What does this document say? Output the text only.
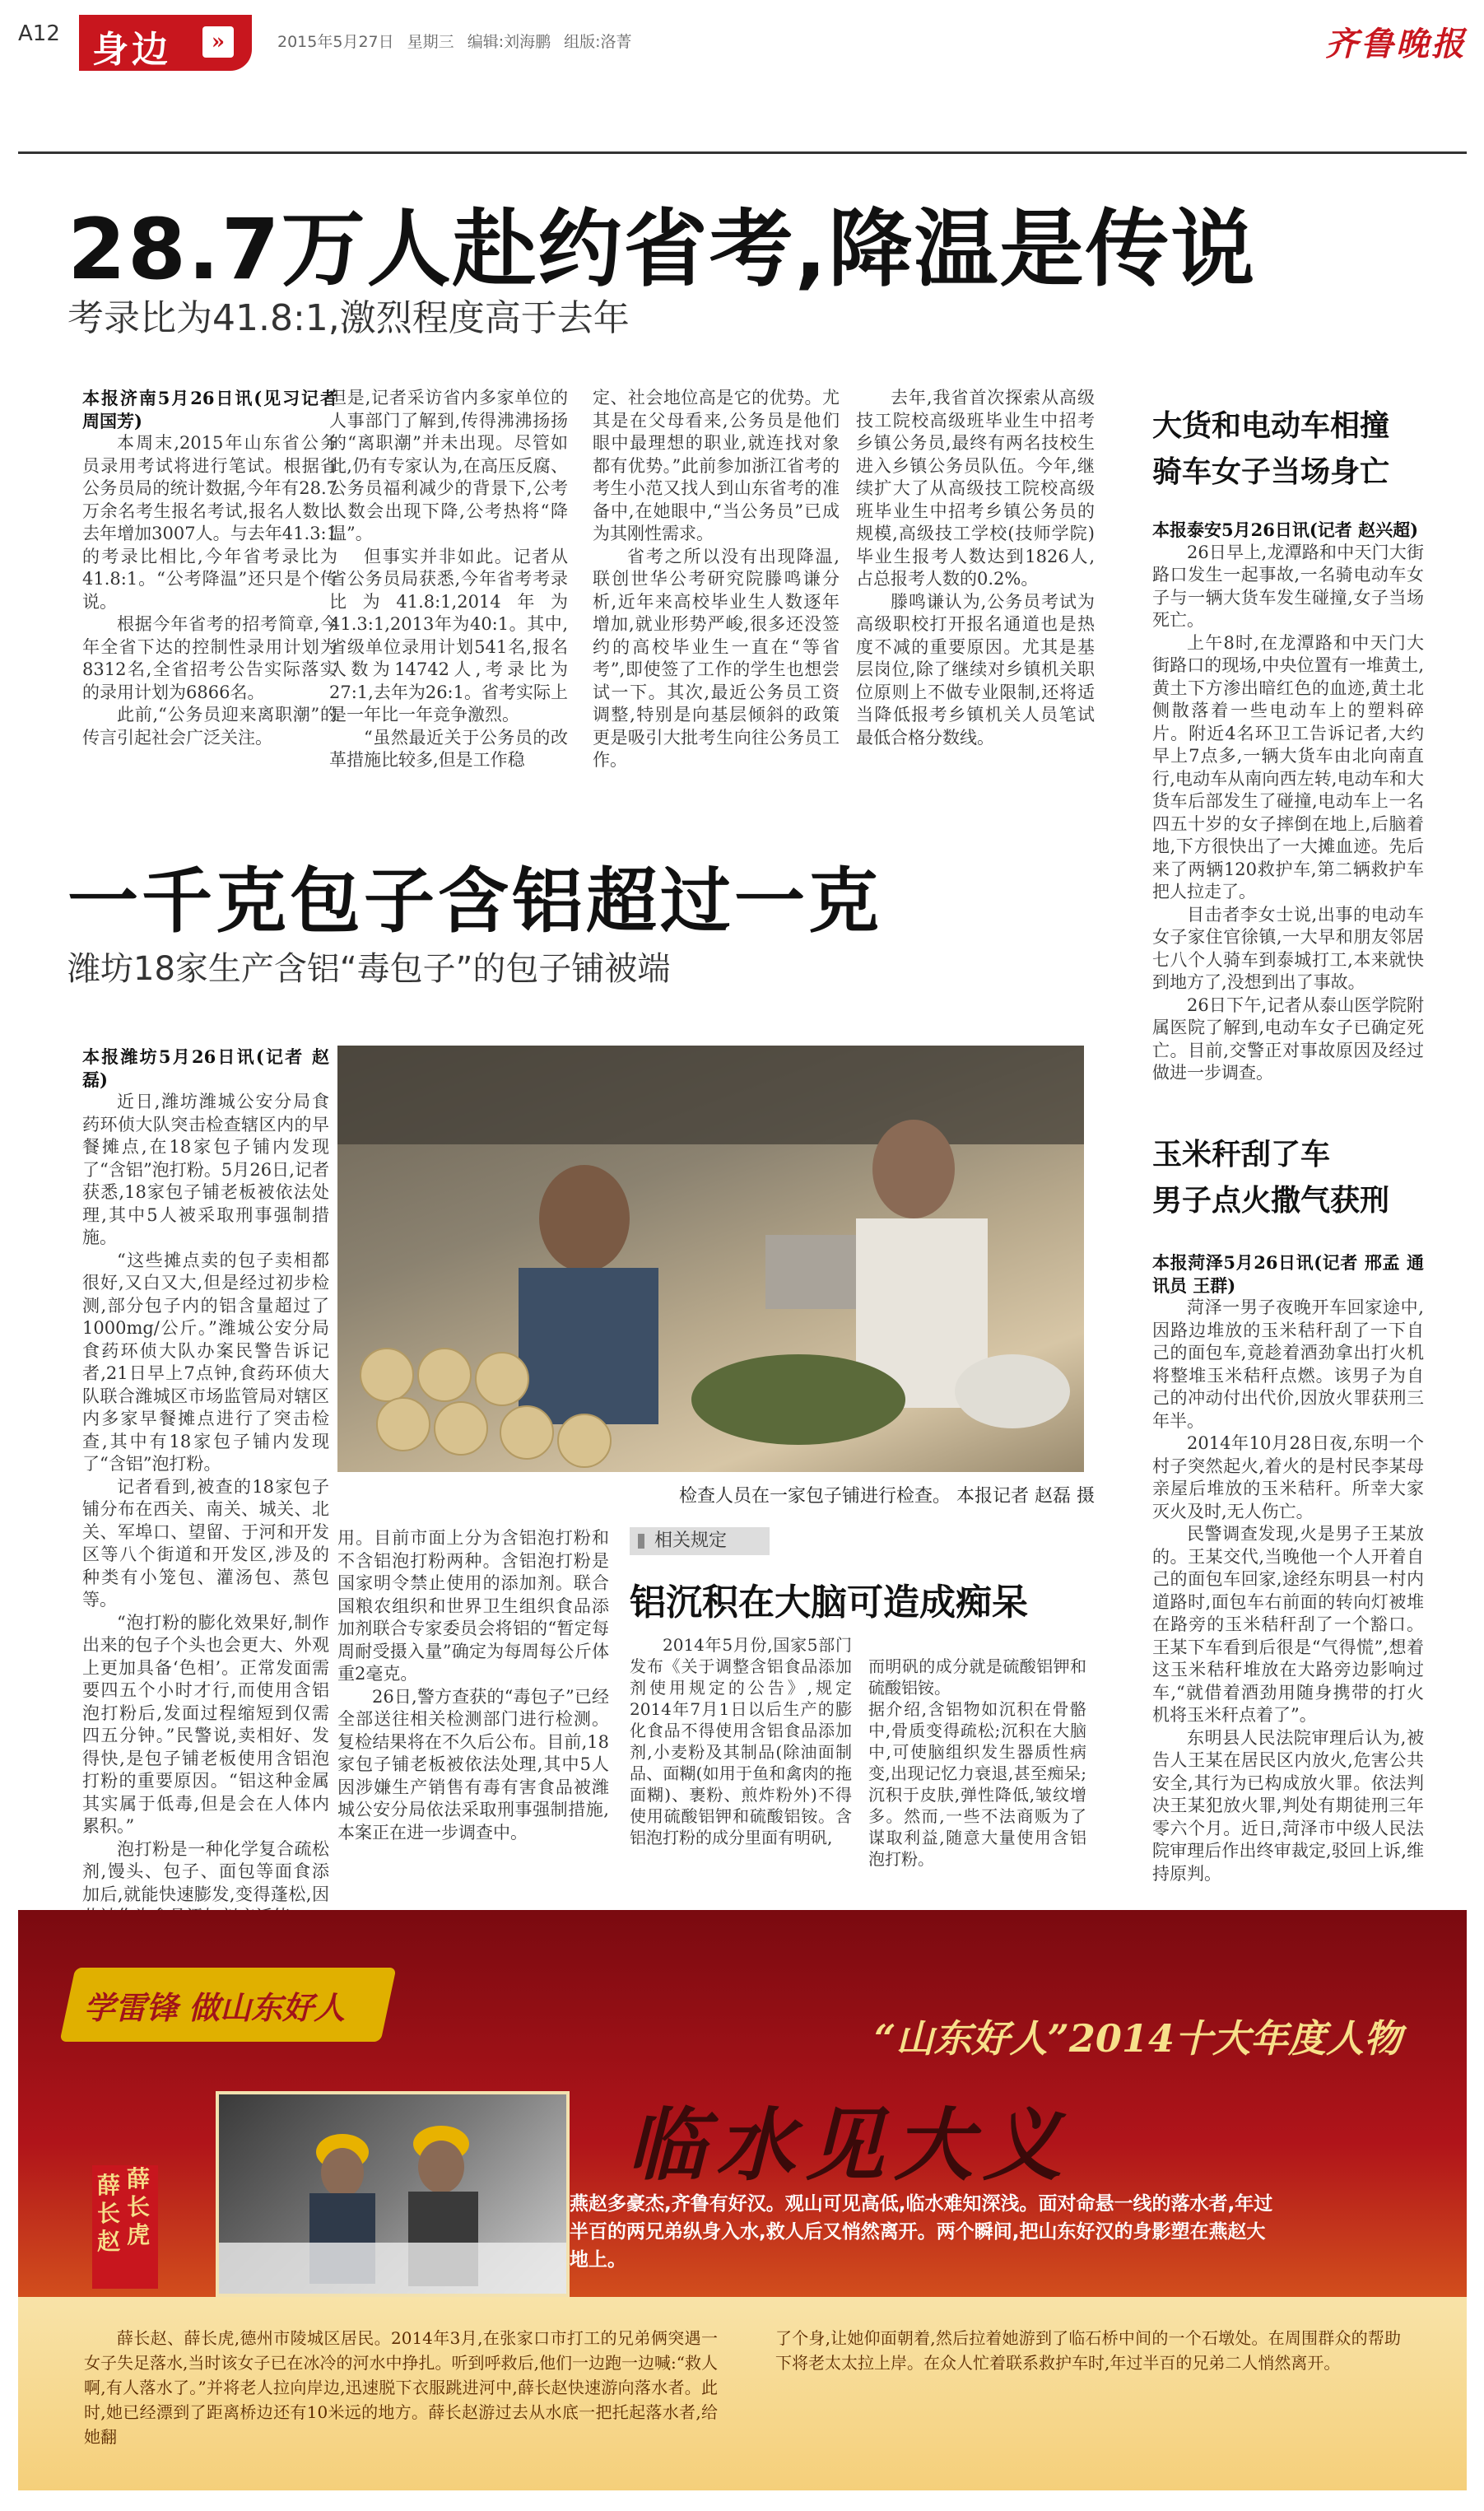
A12 身边	»	2015年5月27日 星期三 编辑:刘海鹏 组版:洛菁	齐鲁晚报
28.7万人赴约省考,降温是传说
考录比为41.8:1,激烈程度高于去年

本报济南5月26日讯(见习记者 周国芳)

本周末,2015年山东省公务员录用考试将进行笔试。根据省公务员局的统计数据,今年有28.7万余名考生报名考试,报名人数比去年增加3007人。与去年41.3:1的考录比相比,今年省考录比为41.8:1。“公考降温”还只是个传说。

根据今年省考的招考简章,今年全省下达的控制性录用计划为8312名,全省招考公告实际落实的录用计划为6866名。

此前,“公务员迎来离职潮”的传言引起社会广泛关注。

但是,记者采访省内多家单位的人事部门了解到,传得沸沸扬扬的“离职潮”并未出现。尽管如此,仍有专家认为,在高压反腐、公务员福利减少的背景下,公考人数会出现下降,公考热将“降温”。

但事实并非如此。记者从省公务员局获悉,今年省考考录比为41.8:1,2014年为41.3:1,2013年为40:1。其中,省级单位录用计划541名,报名人数为14742人,考录比为27:1,去年为26:1。省考实际上是一年比一年竞争激烈。

“虽然最近关于公务员的改革措施比较多,但是工作稳

定、社会地位高是它的优势。尤其是在父母看来,公务员是他们眼中最理想的职业,就连找对象都有优势。”此前参加浙江省考的考生小范又找人到山东省考的准备中,在她眼中,“当公务员”已成为其刚性需求。

省考之所以没有出现降温,联创世华公考研究院滕鸣谦分析,近年来高校毕业生人数逐年增加,就业形势严峻,很多还没签约的高校毕业生一直在“等省考”,即使签了工作的学生也想尝试一下。其次,最近公务员工资调整,特别是向基层倾斜的政策更是吸引大批考生向往公务员工作。

去年,我省首次探索从高级技工院校高级班毕业生中招考乡镇公务员,最终有两名技校生进入乡镇公务员队伍。今年,继续扩大了从高级技工院校高级班毕业生中招考乡镇公务员的规模,高级技工学校(技师学院)毕业生报考人数达到1826人,占总报考人数的0.2%。

滕鸣谦认为,公务员考试为高级职校打开报名通道也是热度不减的重要原因。尤其是基层岗位,除了继续对乡镇机关职位原则上不做专业限制,还将适当降低报考乡镇机关人员笔试最低合格分数线。

一千克包子含铝超过一克
潍坊18家生产含铝“毒包子”的包子铺被端

本报潍坊5月26日讯(记者 赵磊)

近日,潍坊潍城公安分局食药环侦大队突击检查辖区内的早餐摊点,在18家包子铺内发现了“含铝”泡打粉。5月26日,记者获悉,18家包子铺老板被依法处理,其中5人被采取刑事强制措施。

“这些摊点卖的包子卖相都很好,又白又大,但是经过初步检测,部分包子内的铝含量超过了1000mg/公斤。”潍城公安分局食药环侦大队办案民警告诉记者,21日早上7点钟,食药环侦大队联合潍城区市场监管局对辖区内多家早餐摊点进行了突击检查,其中有18家包子铺内发现了“含铝”泡打粉。

记者看到,被查的18家包子铺分布在西关、南关、城关、北关、军埠口、望留、于河和开发区等八个街道和开发区,涉及的种类有小笼包、灌汤包、蒸包等。

“泡打粉的膨化效果好,制作出来的包子个头也会更大、外观上更加具备‘色相’。正常发面需要四五个小时才行,而使用含铝泡打粉后,发面过程缩短到仅需四五分钟。”民警说,卖相好、发得快,是包子铺老板使用含铝泡打粉的重要原因。“铝这种金属其实属于低毒,但是会在人体内累积。”

泡打粉是一种化学复合疏松剂,馒头、包子、面包等面食添加后,就能快速膨发,变得蓬松,因

检查人员在一家包子铺进行检查。 本报记者 赵磊 摄

用。目前市面上分为含铝泡打粉和不含铝泡打粉两种。含铝泡打粉是国家明令禁止使用的添加剂。联合国粮农组织和世界卫生组织食品添加剂联合专家委员会将铝的“暂定每周耐受摄入量”确定为每周每公斤体重2毫克。

26日,警方查获的“毒包子”已经全部送往相关检测部门进行检测。复检结果将在不久后公布。目前,18家包子铺老板被依法处理,其中5人因涉嫌生产销售有毒有害食品被潍城公安分局依法采取刑事强制措施,本案正在进一步调查中。

相关规定
铝沉积在大脑可造成痴呆

2014年5月份,国家5部门发布《关于调整含铝食品添加剂使用规定的公告》,规定2014年7月1日以后生产的膨化食品不得使用含铝食品添加剂,小麦粉及其制品(除油面制品、面糊(如用于鱼和禽肉的拖面糊)、裹粉、煎炸粉外)不得使用硫酸铝钾和硫酸铝铵。含铝泡打粉的成分里面有明矾,

而明矾的成分就是硫酸铝钾和硫酸铝铵。
据介绍,含铝物如沉积在骨骼中,骨质变得疏松;沉积在大脑中,可使脑组织发生器质性病变,出现记忆力衰退,甚至痴呆;沉积于皮肤,弹性降低,皱纹增多。然而,一些不法商贩为了谋取利益,随意大量使用含铝泡打粉。

大货和电动车相撞
骑车女子当场身亡

本报泰安5月26日讯(记者 赵兴超)

26日早上,龙潭路和中天门大街路口发生一起事故,一名骑电动车女子与一辆大货车发生碰撞,女子当场死亡。

上午8时,在龙潭路和中天门大街路口的现场,中央位置有一堆黄土,黄土下方渗出暗红色的血迹,黄土北侧散落着一些电动车上的塑料碎片。附近4名环卫工告诉记者,大约早上7点多,一辆大货车由北向南直行,电动车从南向西左转,电动车和大货车后部发生了碰撞,电动车上一名四五十岁的女子摔倒在地上,后脑着地,下方很快出了一大摊血迹。先后来了两辆120救护车,第二辆救护车把人拉走了。

目击者李女士说,出事的电动车女子家住官徐镇,一大早和朋友邻居七八个人骑车到泰城打工,本来就快到地方了,没想到出了事故。

26日下午,记者从泰山医学院附属医院了解到,电动车女子已确定死亡。目前,交警正对事故原因及经过做进一步调查。

玉米秆刮了车
男子点火撒气获刑

本报菏泽5月26日讯(记者 邢孟 通讯员 王群)

菏泽一男子夜晚开车回家途中,因路边堆放的玉米秸秆刮了一下自己的面包车,竟趁着酒劲拿出打火机将整堆玉米秸秆点燃。该男子为自己的冲动付出代价,因放火罪获刑三年半。

2014年10月28日夜,东明一个村子突然起火,着火的是村民李某母亲屋后堆放的玉米秸秆。所幸大家灭火及时,无人伤亡。

民警调查发现,火是男子王某放的。王某交代,当晚他一个人开着自己的面包车回家,途经东明县一村内道路时,面包车右前面的转向灯被堆在路旁的玉米秸秆刮了一个豁口。王某下车看到后很是“气得慌”,想着这玉米秸秆堆放在大路旁边影响过车,“就借着酒劲用随身携带的打火机将玉米秆点着了”。

东明县人民法院审理后认为,被告人王某在居民区内放火,危害公共安全,其行为已构成放火罪。依法判决王某犯放火罪,判处有期徒刑三年零六个月。近日,菏泽市中级人民法院审理后作出终审裁定,驳回上诉,维持原判。

学雷锋 做山东好人
“山东好人”2014十大年度人物
薛长赵
薛长虎
临水见大义
燕赵多豪杰,齐鲁有好汉。观山可见高低,临水难知深浅。面对命悬一线的落水者,年过半百的两兄弟纵身入水,救人后又悄然离开。两个瞬间,把山东好汉的身影塑在燕赵大地上。

薛长赵、薛长虎,德州市陵城区居民。2014年3月,在张家口市打工的兄弟俩突遇一女子失足落水,当时该女子已在冰冷的河水中挣扎。听到呼救后,他们一边跑一边喊:“救人啊,有人落水了。”并将老人拉向岸边,迅速脱下衣服跳进河中,薛长赵快速游向落水者。此时,她已经漂到了距离桥边还有10米远的地方。薛长赵游过去从水底一把托起落水者,给她翻

了个身,让她仰面朝着,然后拉着她游到了临石桥中间的一个石墩处。在周围群众的帮助下将老太太拉上岸。在众人忙着联系救护车时,年过半百的兄弟二人悄然离开。
